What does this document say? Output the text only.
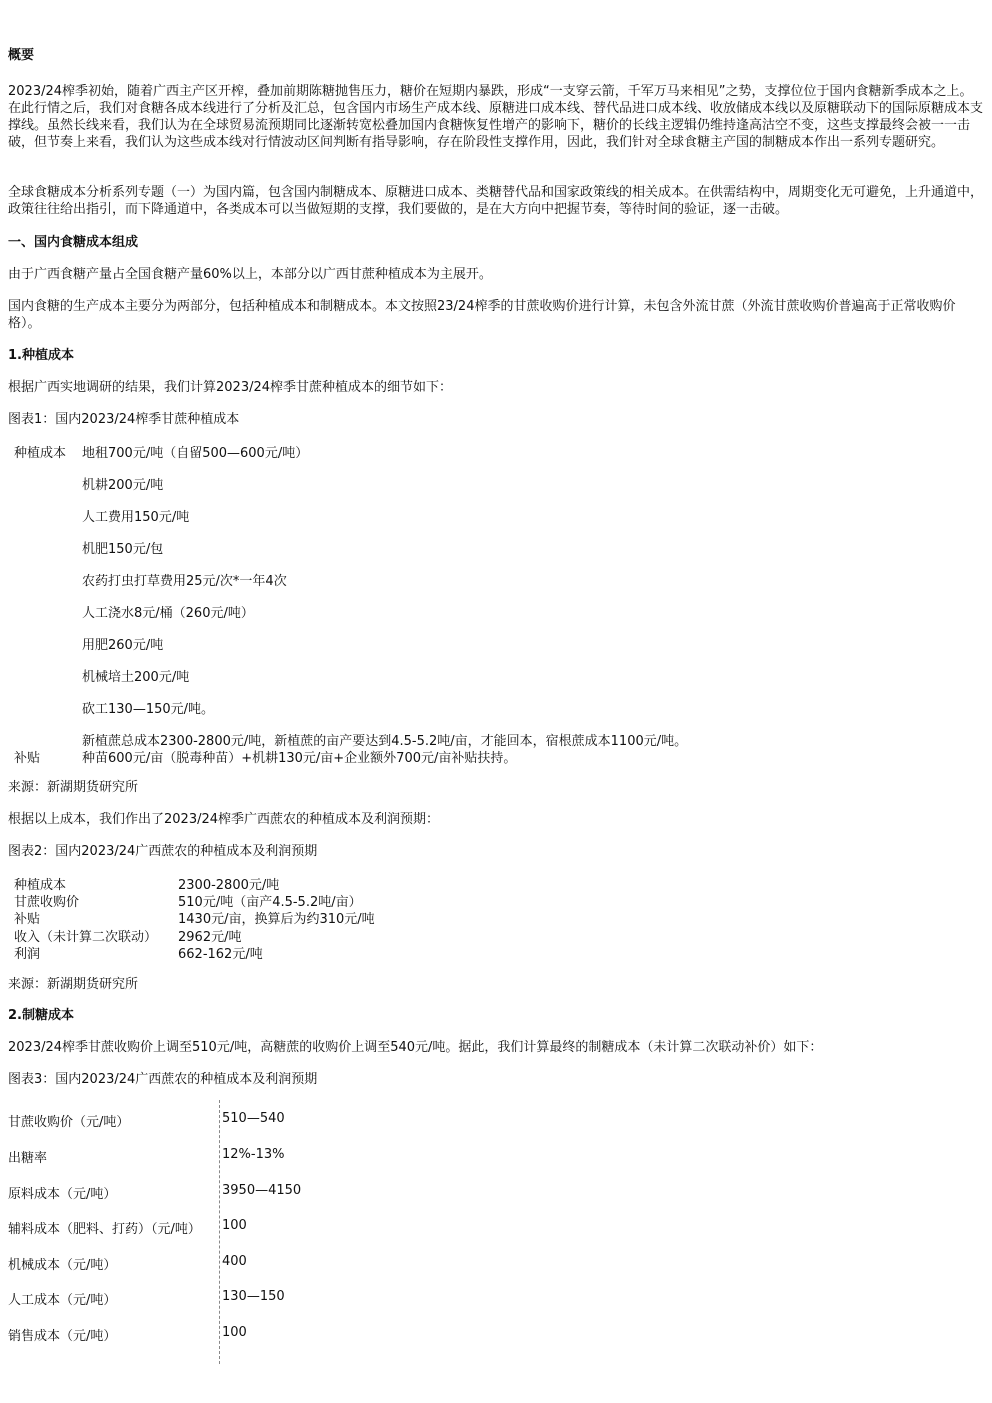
概要

2023/24榨季初始，随着广西主产区开榨，叠加前期陈糖抛售压力，糖价在短期内暴跌，形成“一支穿云箭，千军万马来相见”之势，支撑位位于国内食糖新季成本之上。在此行情之后，我们对食糖各成本线进行了分析及汇总，包含国内市场生产成本线、原糖进口成本线、替代品进口成本线、收放储成本线以及原糖联动下的国际原糖成本支撑线。虽然长线来看，我们认为在全球贸易流预期同比逐渐转宽松叠加国内食糖恢复性增产的影响下，糖价的长线主逻辑仍维持逢高沽空不变，这些支撑最终会被一一击破，但节奏上来看，我们认为这些成本线对行情波动区间判断有指导影响，存在阶段性支撑作用，因此，我们针对全球食糖主产国的制糖成本作出一系列专题研究。

全球食糖成本分析系列专题（一）为国内篇，包含国内制糖成本、原糖进口成本、类糖替代品和国家政策线的相关成本。在供需结构中，周期变化无可避免，上升通道中，政策往往给出指引，而下降通道中，各类成本可以当做短期的支撑，我们要做的，是在大方向中把握节奏，等待时间的验证，逐一击破。

一、国内食糖成本组成

由于广西食糖产量占全国食糖产量60%以上，本部分以广西甘蔗种植成本为主展开。

国内食糖的生产成本主要分为两部分，包括种植成本和制糖成本。本文按照23/24榨季的甘蔗收购价进行计算，未包含外流甘蔗（外流甘蔗收购价普遍高于正常收购价格）。

1.种植成本

根据广西实地调研的结果，我们计算2023/24榨季甘蔗种植成本的细节如下：

图表1：国内2023/24榨季甘蔗种植成本

种植成本 地租700元/吨（自留500—600元/吨）
机耕200元/吨
人工费用150元/吨
机肥150元/包
农药打虫打草费用25元/次*一年4次
人工浇水8元/桶（260元/吨）
用肥260元/吨
机械培土200元/吨
砍工130—150元/吨。
新植蔗总成本2300-2800元/吨，新植蔗的亩产要达到4.5-5.2吨/亩，才能回本，宿根蔗成本1100元/吨。
补贴	种苗600元/亩（脱毒种苗）+机耕130元/亩+企业额外700元/亩补贴扶持。

来源：新湖期货研究所

根据以上成本，我们作出了2023/24榨季广西蔗农的种植成本及利润预期：

图表2：国内2023/24广西蔗农的种植成本及利润预期

种植成本	2300-2800元/吨
甘蔗收购价	510元/吨（亩产4.5-5.2吨/亩）
补贴	1430元/亩，换算后为约310元/吨
收入（未计算二次联动） 2962元/吨
利润	662-162元/吨

来源：新湖期货研究所

2.制糖成本

2023/24榨季甘蔗收购价上调至510元/吨，高糖蔗的收购价上调至540元/吨。据此，我们计算最终的制糖成本（未计算二次联动补价）如下：

图表3：国内2023/24广西蔗农的种植成本及利润预期

甘蔗收购价（元/吨）	510—540
出糖率	12%-13%
原料成本（元/吨）	3950—4150
辅料成本（肥料、打药）（元/吨） 100
机械成本（元/吨）	400
人工成本（元/吨）	130—150
销售成本（元/吨）	100
